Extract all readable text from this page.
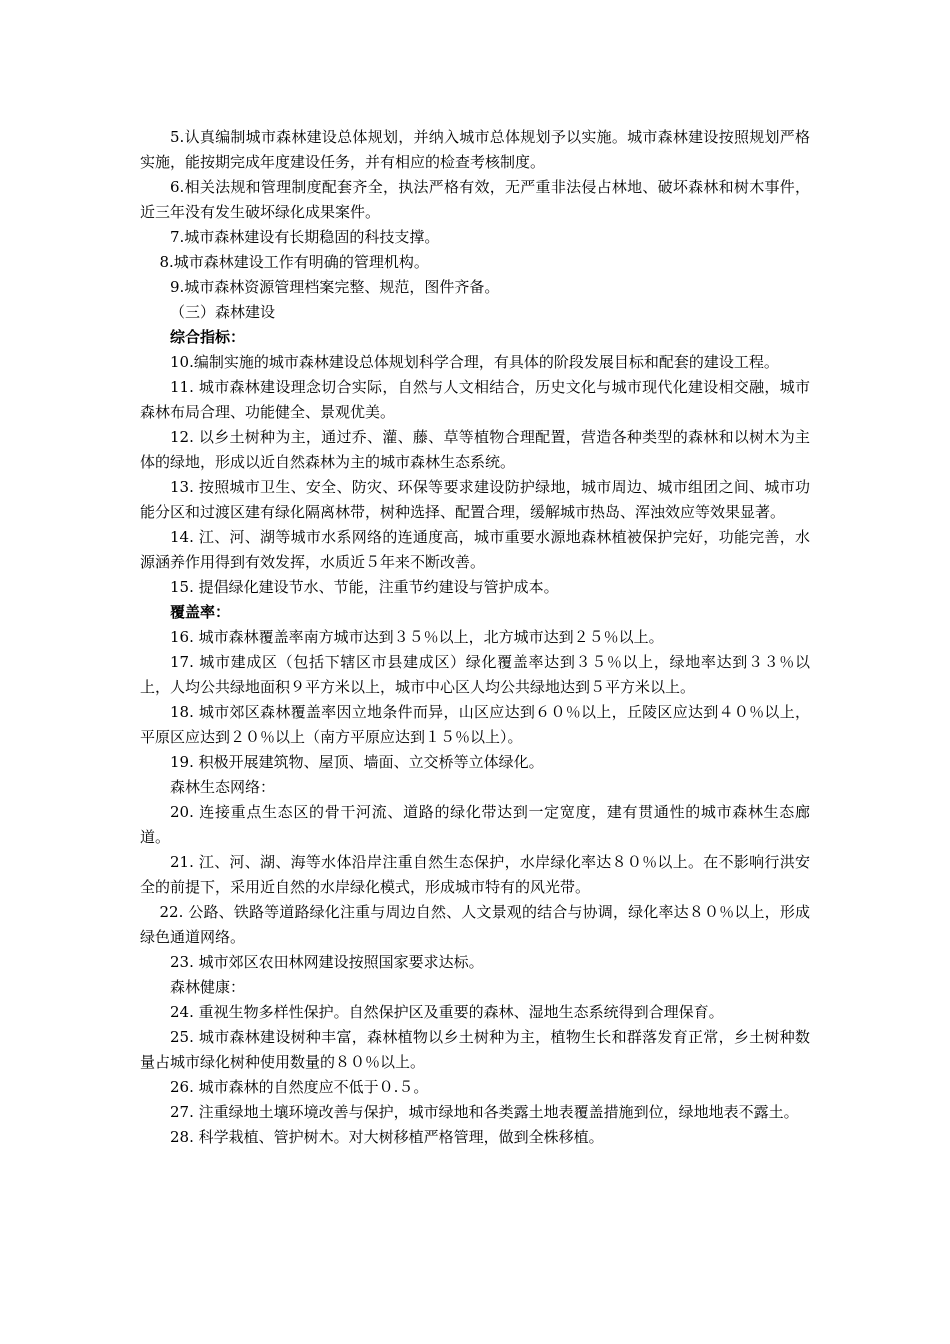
5.认真编制城市森林建设总体规划，并纳入城市总体规划予以实施。城市森林建设按照规划严格实施，能按期完成年度建设任务，并有相应的检查考核制度。

6.相关法规和管理制度配套齐全，执法严格有效，无严重非法侵占林地、破坏森林和树木事件，近三年没有发生破坏绿化成果案件。

7.城市森林建设有长期稳固的科技支撑。

8.城市森林建设工作有明确的管理机构。

9.城市森林资源管理档案完整、规范，图件齐备。

（三）森林建设

综合指标：

10.编制实施的城市森林建设总体规划科学合理，有具体的阶段发展目标和配套的建设工程。

11. 城市森林建设理念切合实际，自然与人文相结合，历史文化与城市现代化建设相交融，城市森林布局合理、功能健全、景观优美。

12. 以乡土树种为主，通过乔、灌、藤、草等植物合理配置，营造各种类型的森林和以树木为主体的绿地，形成以近自然森林为主的城市森林生态系统。

13. 按照城市卫生、安全、防灾、环保等要求建设防护绿地，城市周边、城市组团之间、城市功能分区和过渡区建有绿化隔离林带，树种选择、配置合理，缓解城市热岛、浑浊效应等效果显著。

14. 江、河、湖等城市水系网络的连通度高，城市重要水源地森林植被保护完好，功能完善，水源涵养作用得到有效发挥，水质近５年来不断改善。

15. 提倡绿化建设节水、节能，注重节约建设与管护成本。

覆盖率：

16. 城市森林覆盖率南方城市达到３５％以上，北方城市达到２５％以上。

17. 城市建成区（包括下辖区市县建成区）绿化覆盖率达到３５％以上，绿地率达到３３％以上，人均公共绿地面积９平方米以上，城市中心区人均公共绿地达到５平方米以上。

18. 城市郊区森林覆盖率因立地条件而异，山区应达到６０％以上，丘陵区应达到４０％以上，平原区应达到２０％以上（南方平原应达到１５％以上）。

19. 积极开展建筑物、屋顶、墙面、立交桥等立体绿化。

森林生态网络：

20. 连接重点生态区的骨干河流、道路的绿化带达到一定宽度，建有贯通性的城市森林生态廊道。

21. 江、河、湖、海等水体沿岸注重自然生态保护，水岸绿化率达８０％以上。在不影响行洪安全的前提下，采用近自然的水岸绿化模式，形成城市特有的风光带。

22. 公路、铁路等道路绿化注重与周边自然、人文景观的结合与协调，绿化率达８０％以上，形成绿色通道网络。

23. 城市郊区农田林网建设按照国家要求达标。

森林健康：

24. 重视生物多样性保护。自然保护区及重要的森林、湿地生态系统得到合理保育。

25. 城市森林建设树种丰富，森林植物以乡土树种为主，植物生长和群落发育正常，乡土树种数量占城市绿化树种使用数量的８０％以上。

26. 城市森林的自然度应不低于０.５。

27. 注重绿地土壤环境改善与保护，城市绿地和各类露土地表覆盖措施到位，绿地地表不露土。

28. 科学栽植、管护树木。对大树移植严格管理，做到全株移植。
